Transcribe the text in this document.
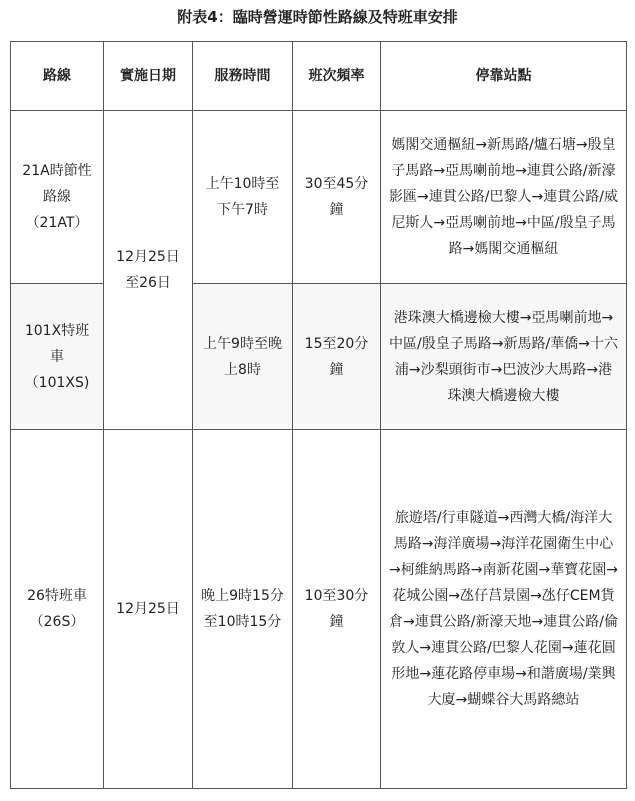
附表4：臨時營運時節性路線及特班車安排
路線	實施日期	服務時間	班次頻率	停靠站點
21A時節性路線（21AT）	12月25日至26日	上午10時至下午7時	30至45分鐘	媽閣交通樞紐→新馬路/爐石塘→殷皇子馬路→亞馬喇前地→連貫公路/新濠影匯→連貫公路/巴黎人→連貫公路/威尼斯人→亞馬喇前地→中區/殷皇子馬路→媽閣交通樞紐
101X特班車（101XS)		上午9時至晚上8時	15至20分鐘	港珠澳大橋邊檢大樓→亞馬喇前地→中區/殷皇子馬路→新馬路/華僑→十六浦→沙梨頭街市→巴波沙大馬路→港珠澳大橋邊檢大樓
26特班車（26S）	12月25日	晚上9時15分至10時15分	10至30分鐘	旅遊塔/行車隧道→西灣大橋/海洋大馬路→海洋廣場→海洋花園衛生中心→柯維納馬路→南新花園→華寶花園→花城公園→氹仔莒景園→氹仔CEM貨倉→連貫公路/新濠天地→連貫公路/倫敦人→連貫公路/巴黎人花園→蓮花圓形地→蓮花路停車場→和諧廣場/業興大廈→蝴蝶谷大馬路總站
